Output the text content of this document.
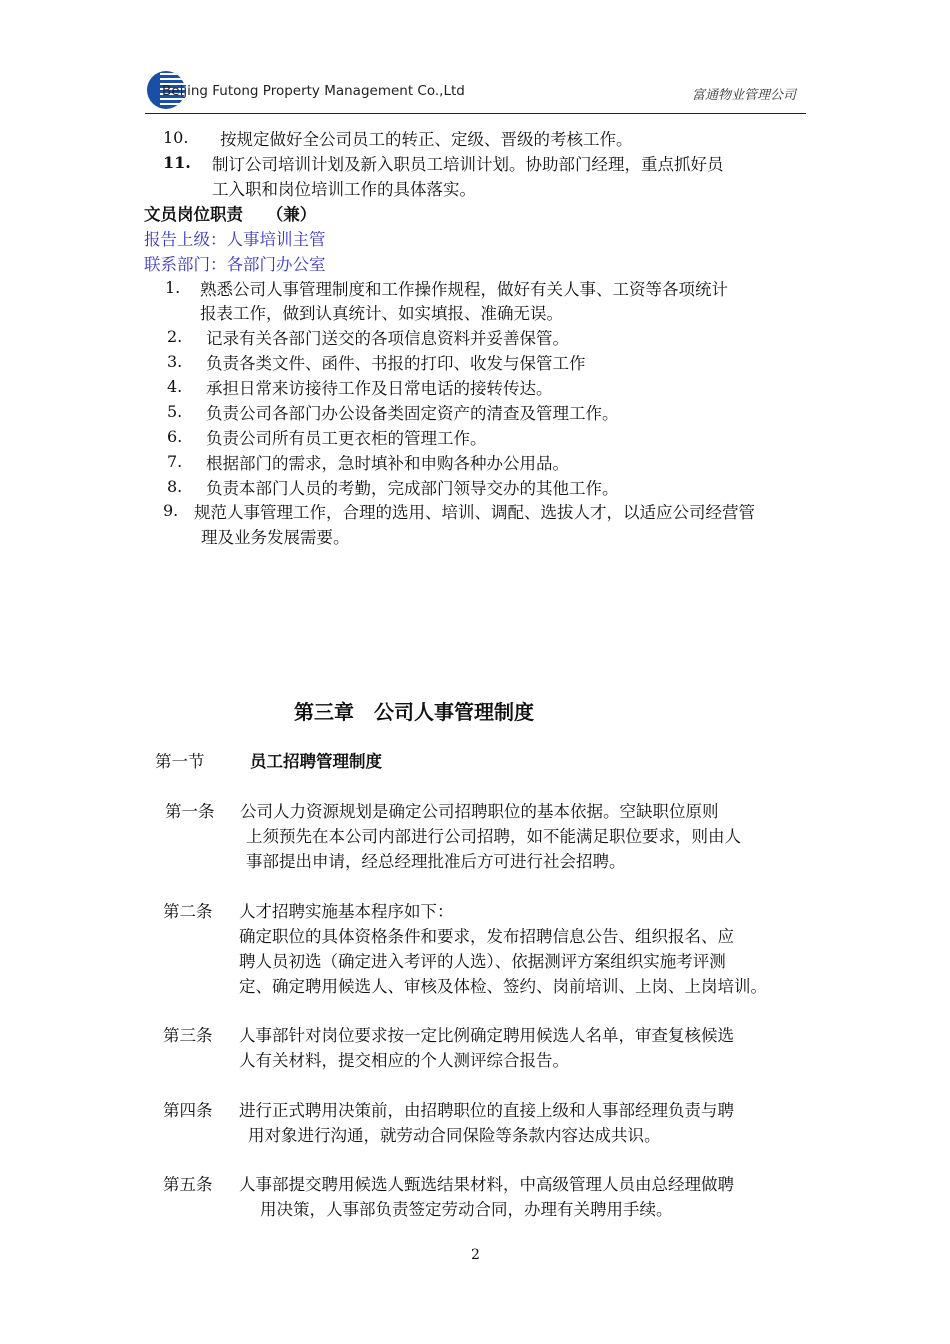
Beijing Futong Property Management Co.,Ltd	富通物业管理公司
10. 按规定做好全公司员工的转正、定级、晋级的考核工作。
11. 制订公司培训计划及新入职员工培训计划。协助部门经理，重点抓好员
工入职和岗位培训工作的具体落实。
文员岗位职责 （兼）
报告上级：人事培训主管
联系部门：各部门办公室
1. 熟悉公司人事管理制度和工作操作规程，做好有关人事、工资等各项统计
报表工作，做到认真统计、如实填报、准确无误。
2. 记录有关各部门送交的各项信息资料并妥善保管。
3. 负责各类文件、函件、书报的打印、收发与保管工作
4. 承担日常来访接待工作及日常电话的接转传达。
5. 负责公司各部门办公设备类固定资产的清查及管理工作。
6. 负责公司所有员工更衣柜的管理工作。
7. 根据部门的需求，急时填补和申购各种办公用品。
8. 负责本部门人员的考勤，完成部门领导交办的其他工作。
9. 规范人事管理工作，合理的选用、培训、调配、选拔人才，以适应公司经营管
理及业务发展需要。
第三章　公司人事管理制度
第一节	员工招聘管理制度
第一条 公司人力资源规划是确定公司招聘职位的基本依据。空缺职位原则
上须预先在本公司内部进行公司招聘，如不能满足职位要求，则由人
事部提出申请，经总经理批准后方可进行社会招聘。
第二条 人才招聘实施基本程序如下：
确定职位的具体资格条件和要求，发布招聘信息公告、组织报名、应
聘人员初选（确定进入考评的人选）、依据测评方案组织实施考评测
定、确定聘用候选人、审核及体检、签约、岗前培训、上岗、上岗培训。
第三条 人事部针对岗位要求按一定比例确定聘用候选人名单，审查复核候选
人有关材料，提交相应的个人测评综合报告。
第四条 进行正式聘用决策前，由招聘职位的直接上级和人事部经理负责与聘
用对象进行沟通，就劳动合同保险等条款内容达成共识。
第五条 人事部提交聘用候选人甄选结果材料，中高级管理人员由总经理做聘
用决策，人事部负责签定劳动合同，办理有关聘用手续。
2
